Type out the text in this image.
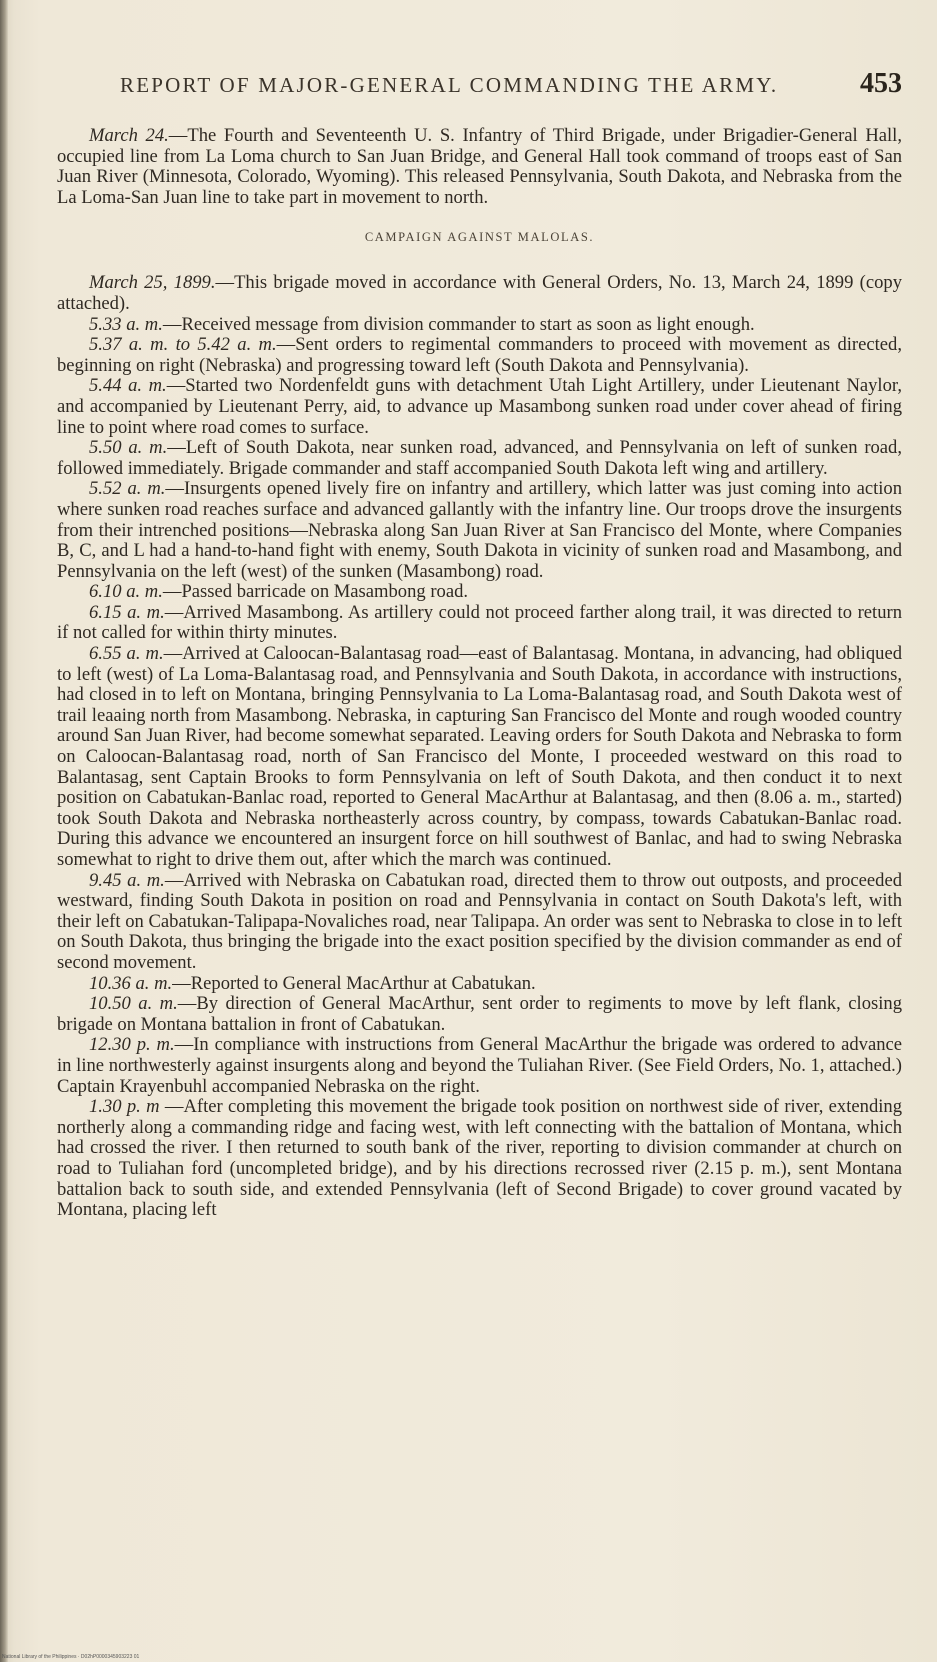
REPORT OF MAJOR-GENERAL COMMANDING THE ARMY.	453

March 24.—The Fourth and Seventeenth U. S. Infantry of Third Brigade, under Brigadier-General Hall, occupied line from La Loma church to San Juan Bridge, and General Hall took command of troops east of San Juan River (Minnesota, Colorado, Wyoming). This released Pennsylvania, South Dakota, and Nebraska from the La Loma-San Juan line to take part in movement to north.

CAMPAIGN AGAINST MALOLAS.

March 25, 1899.—This brigade moved in accordance with General Orders, No. 13, March 24, 1899 (copy attached).

5.33 a. m.—Received message from division commander to start as soon as light enough.

5.37 a. m. to 5.42 a. m.—Sent orders to regimental commanders to proceed with movement as directed, beginning on right (Nebraska) and progressing toward left (South Dakota and Pennsylvania).

5.44 a. m.—Started two Nordenfeldt guns with detachment Utah Light Artillery, under Lieutenant Naylor, and accompanied by Lieutenant Perry, aid, to advance up Masambong sunken road under cover ahead of firing line to point where road comes to surface.

5.50 a. m.—Left of South Dakota, near sunken road, advanced, and Pennsylvania on left of sunken road, followed immediately. Brigade commander and staff accompanied South Dakota left wing and artillery.

5.52 a. m.—Insurgents opened lively fire on infantry and artillery, which latter was just coming into action where sunken road reaches surface and advanced gallantly with the infantry line. Our troops drove the insurgents from their intrenched positions—Nebraska along San Juan River at San Francisco del Monte, where Companies B, C, and L had a hand-to-hand fight with enemy, South Dakota in vicinity of sunken road and Masambong, and Pennsylvania on the left (west) of the sunken (Masambong) road.

6.10 a. m.—Passed barricade on Masambong road.

6.15 a. m.—Arrived Masambong. As artillery could not proceed farther along trail, it was directed to return if not called for within thirty minutes.

6.55 a. m.—Arrived at Caloocan-Balantasag road—east of Balantasag. Montana, in advancing, had obliqued to left (west) of La Loma-Balantasag road, and Pennsylvania and South Dakota, in accordance with instructions, had closed in to left on Montana, bringing Pennsylvania to La Loma-Balantasag road, and South Dakota west of trail leaaing north from Masambong. Nebraska, in capturing San Francisco del Monte and rough wooded country around San Juan River, had become somewhat separated. Leaving orders for South Dakota and Nebraska to form on Caloocan-Balantasag road, north of San Francisco del Monte, I proceeded westward on this road to Balantasag, sent Captain Brooks to form Pennsylvania on left of South Dakota, and then conduct it to next position on Cabatukan-Banlac road, reported to General MacArthur at Balantasag, and then (8.06 a. m., started) took South Dakota and Nebraska northeasterly across country, by compass, towards Cabatukan-Banlac road. During this advance we encountered an insurgent force on hill southwest of Banlac, and had to swing Nebraska somewhat to right to drive them out, after which the march was continued.

9.45 a. m.—Arrived with Nebraska on Cabatukan road, directed them to throw out outposts, and proceeded westward, finding South Dakota in position on road and Pennsylvania in contact on South Dakota's left, with their left on Cabatukan-Talipapa-Novaliches road, near Talipapa. An order was sent to Nebraska to close in to left on South Dakota, thus bringing the brigade into the exact position specified by the division commander as end of second movement.

10.36 a. m.—Reported to General MacArthur at Cabatukan.

10.50 a. m.—By direction of General MacArthur, sent order to regiments to move by left flank, closing brigade on Montana battalion in front of Cabatukan.

12.30 p. m.—In compliance with instructions from General MacArthur the brigade was ordered to advance in line northwesterly against insurgents along and beyond the Tuliahan River. (See Field Orders, No. 1, attached.) Captain Krayenbuhl accompanied Nebraska on the right.

1.30 p. m —After completing this movement the brigade took position on northwest side of river, extending northerly along a commanding ridge and facing west, with left connecting with the battalion of Montana, which had crossed the river. I then returned to south bank of the river, reporting to division commander at church on road to Tuliahan ford (uncompleted bridge), and by his directions recrossed river (2.15 p. m.), sent Montana battalion back to south side, and extended Pennsylvania (left of Second Brigade) to cover ground vacated by Montana, placing left

National Library of the Philippines · D02hP0000345903223 01
